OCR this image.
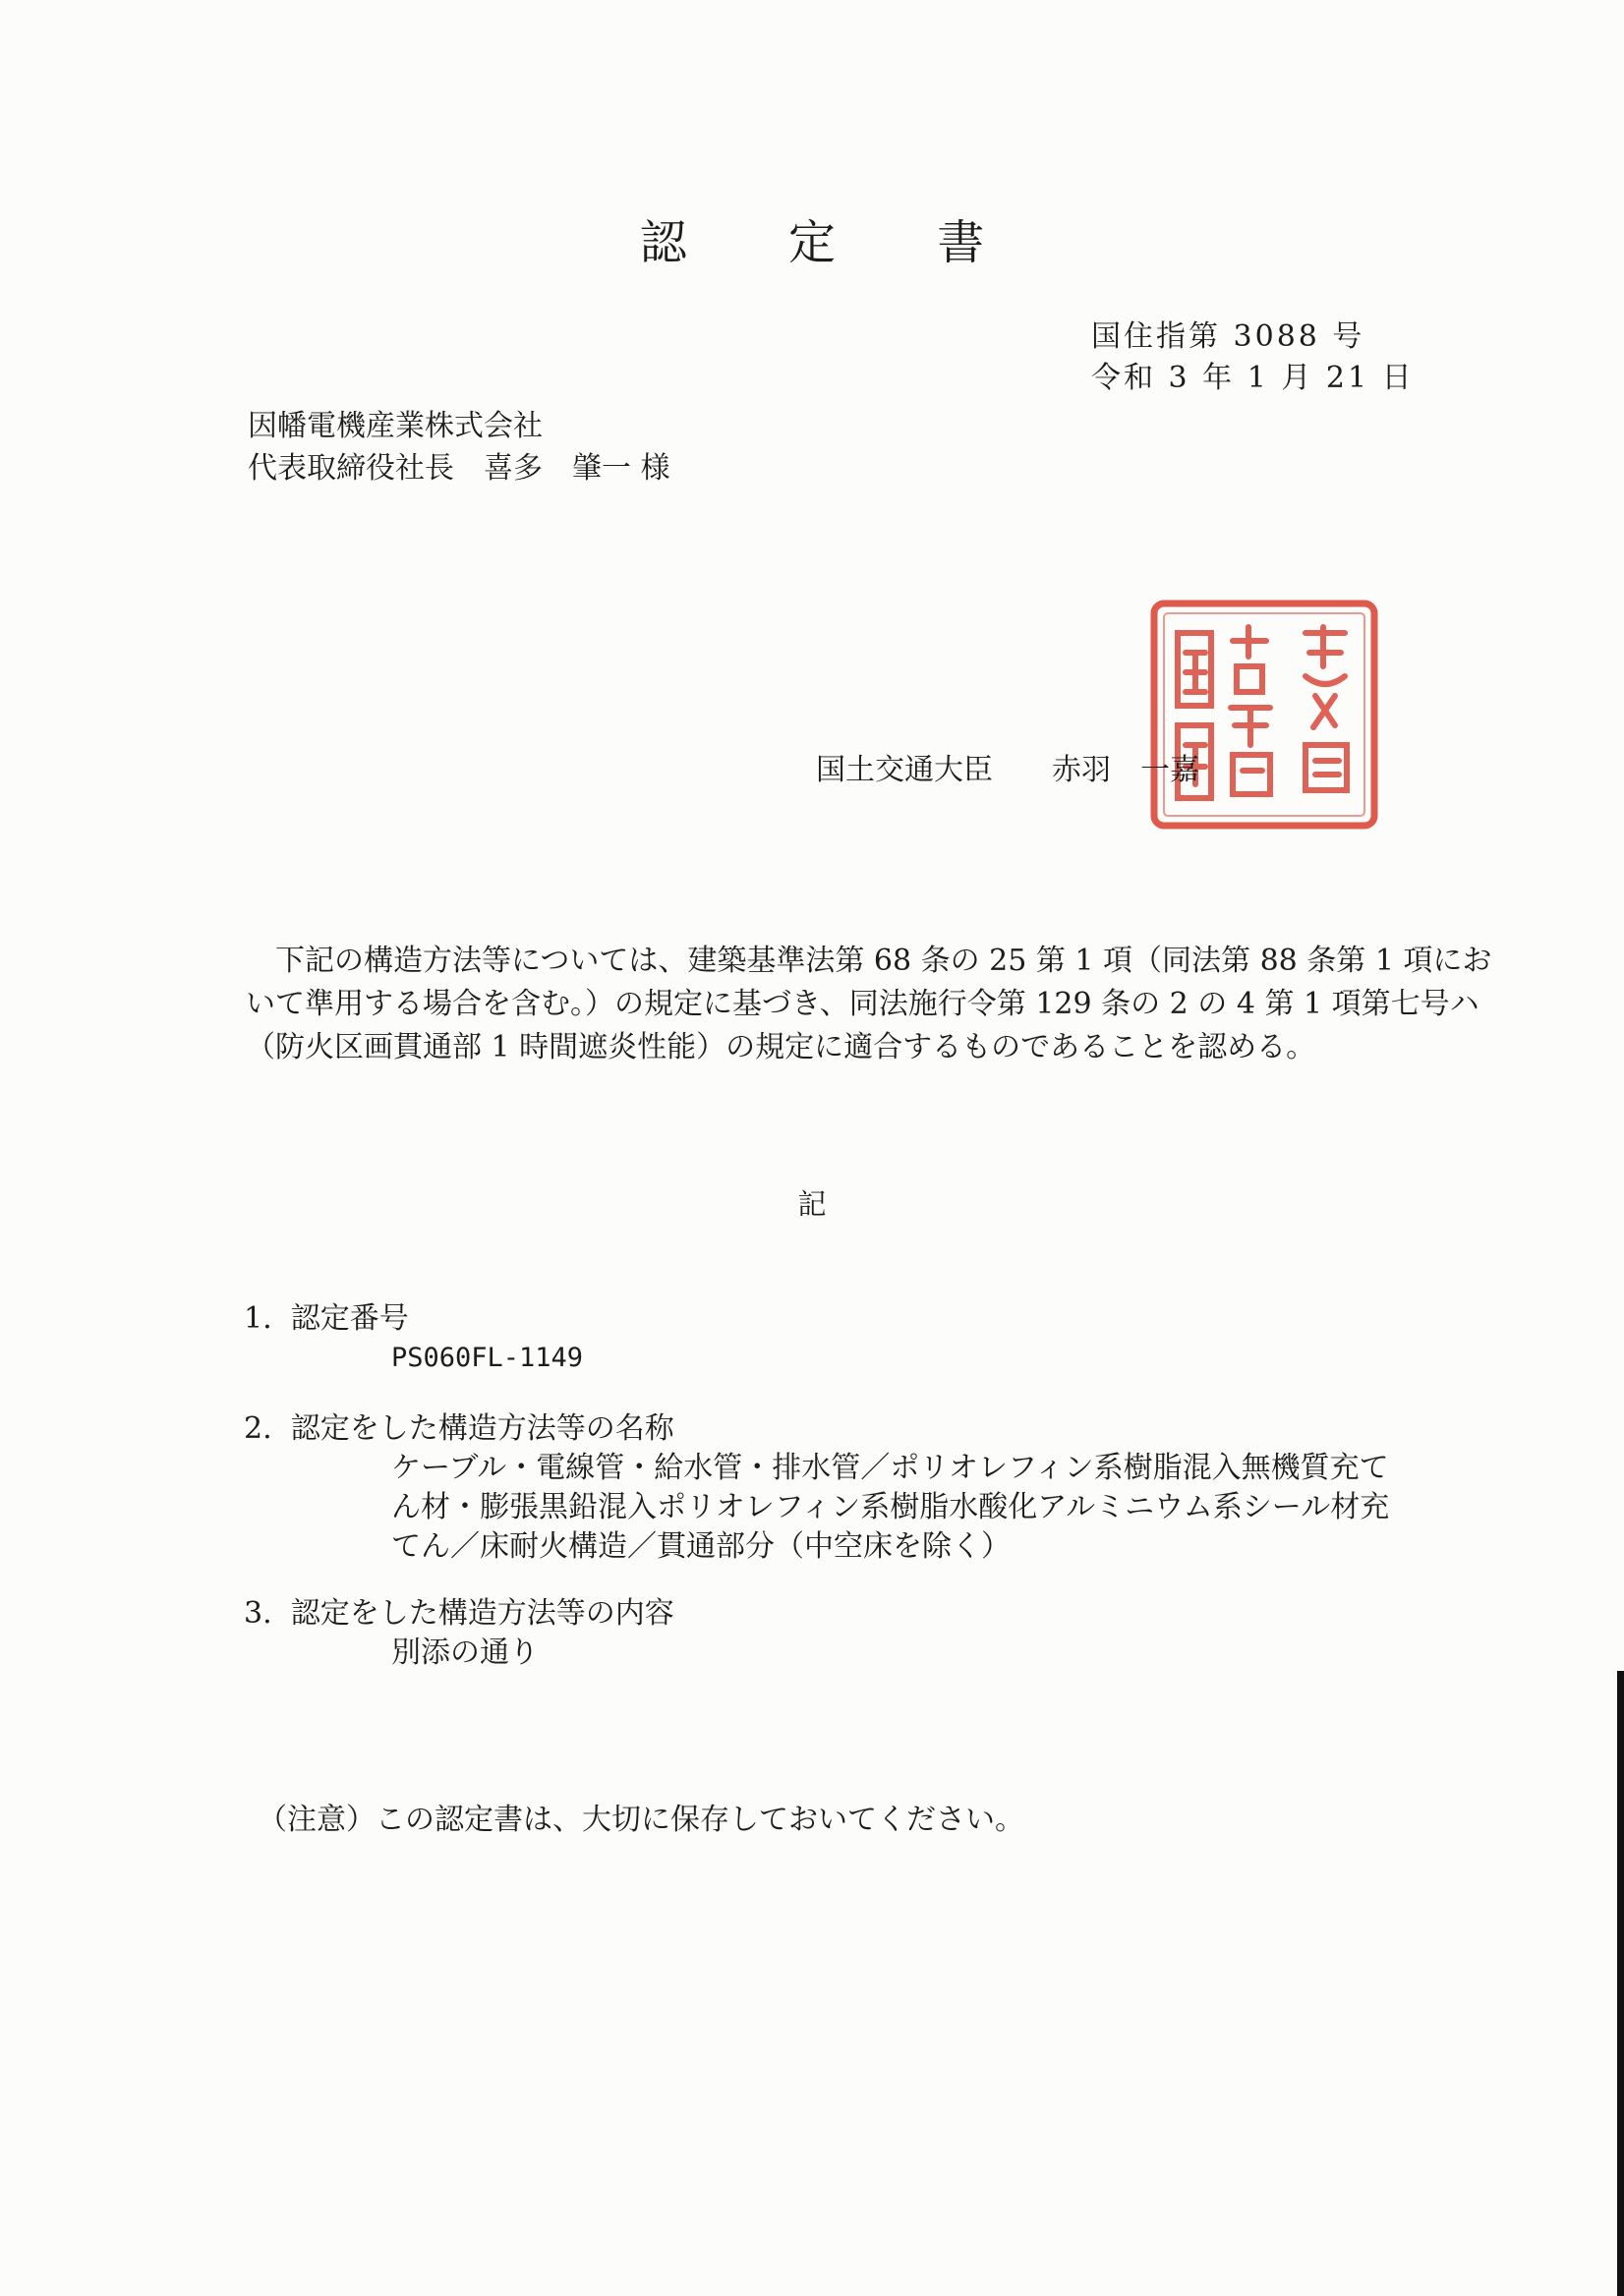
認 定 書
国住指第 3088 号
令和 3 年 1 月 21 日
因幡電機産業株式会社
代表取締役社長　喜多　肇一 様
国土交通大臣　　赤羽　一嘉

　下記の構造方法等については、建築基準法第 68 条の 25 第 1 項（同法第 88 条第 1 項にお
いて準用する場合を含む。）の規定に基づき、同法施行令第 129 条の 2 の 4 第 1 項第七号ハ
（防火区画貫通部 1 時間遮炎性能）の規定に適合するものであることを認める。

記
1.  認定番号
PS060FL-1149
2.  認定をした構造方法等の名称
ケーブル・電線管・給水管・排水管／ポリオレフィン系樹脂混入無機質充て
ん材・膨張黒鉛混入ポリオレフィン系樹脂水酸化アルミニウム系シール材充
てん／床耐火構造／貫通部分（中空床を除く）
3.  認定をした構造方法等の内容
別添の通り
（注意）この認定書は、大切に保存しておいてください。
